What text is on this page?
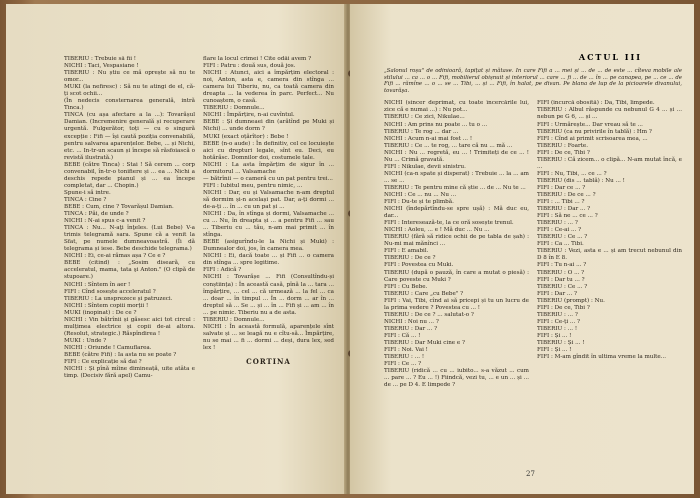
TIBERIU : Trebuie să fii !

NICHI : Taci, Vespasiane !

TIBERIU : Nu știu ce mă oprește să nu te omor...

MUKI (la nefiresc) : Să nu te atingi de el, că-ți scot ochii...

(În nedecis consternarea generală, intră Tinca.)

TINCA (cu așa afectare a la ...): Tovarășul Damian. (Incremenire generală și recuperare urgentă. Fulgerător, toți — cu o singură excepție : Fifi — își caută poziția convenabilă, pentru salvarea aparențelor. Bebe, ... și Nichi, etc. ... In-tr-un scaun și începe să răsfoiască o revistă ilustrată.)

BEBE (către Tinca) : Stai ! Să cerem ... corp convenabil, în-tr-o tonifiere și ... ea ... Nichi a deschis repede pianul și ... ea începe completat, dar ... Chopin.)

Spune-i să intre.

TINCA : Cine ?

BEBE : Cum, cine ? Tovarășul Damian.

TINCA : Păi, de unde ?

NICHI : N-ai spus c-a venit ?

TINCA : Nu... N-aţi înţeles. (Lui Bebe) V-a trimis telegramă sara. Spune că a venit la Sfat, pe numele dumneavoastră. (Îi dă telegrama și iese. Bebe deschide telegrama.)

NICHI : Ei, ce-ai rămas așa ? Ce e ?

BEBE (citind) : „Sosim diseară, cu acceleratul, mama, tata şi Anton." (O clipă de stupoare.)

NICHI : Sîntem în aer !

FIFI : Cînd sosește acceleratul ?

TIBERIU : La unsprezece și patruzeci.

NICHI : Sîntem copiii morții !

MUKI (inopinat) : De ce ?

NICHI : Vin bătrînii și găsesc aici tot circul : mulțimea electrice și copii de-ai altora. (Resolut, strategic.) Răspîndirea !

MUKI : Unde ?

NICHI : Oriunde ! Camuflarea.

BEBE (către Fifi) : Ia asta nu se poate ?

FIFI : Ce explicație să dai ?

NICHI : Și pînă mîine dimineață, uite atâta e timp. (Decisiv fără apel) Camu-

flare la locul crimei ! Cîte odăi avem ?

FIFI : Patru : două sus, două jos.

NICHI : Atunci, aici a împărțim electoral : noi, Anton, asta e, camera din stînga ... camera lui Tiberiu, nu, ca toată camera din dreapta ... la vederea în parc. Perfect... Nu cunoaștem, o casă.

TIBERIU : Domnule...

NICHI : Împărțire, n-ai cuvîntul.

BEBE : Și dumneaei din (arătînd pe Muki și Nichi) ... unde dorm ?

MUKI (exact oțărîtor) : Bebe !

BEBE (n-o aude) : În definitiv, cel ce locuiește aici cu drepturi legale, sînt eu. Deci, eu hotărăsc. Domnilor doi, costumele tale.

NICHI : La asta împărțim de sigur în ... dormitorul ... Valsamache

— bătrînii — o cameră cu un pat pentru trei...

FIFI : Iubitul meu, pentru nimic, ...

NICHI : Dar, eu și Valsamache n-am dreptul să dormim și-n același pat. Dar, a-ți dormi ... de-a-ți ... în ... cu un pat și ...

NICHI : Da, în stînga și dormi, Valsamache ... cu ... Nu, în dreapta și ... a pentru Fifi ... sau ... Tiberiu cu ... tău, n-am mai primit ... în stînga.

BEBE (asigurîndu-le la Nichi și Muki) : Dumnealor doi, jos, în camera mea.

NICHI : Ei, dacă toate ... și Fifi ... o camera din stînga ... spre legitime.

FIFI : Adică ?

NICHI : Tovarășe ... Fifi (Consultîndu-și conștiința) : În această casă, pînă la ... tara ... împărțire, ... cel ... că urmează ... la fel ... ca ... doar ... în timpul ... În ... dorm ... ar în ... dreptul să ... Se ... și ... în ... Fifi și ... am ... în ... pe nimic. Tiberiu nu a de asta.

TIBERIU : Domnule...

NICHI : În această formulă, aparențele sînt salvate și ... se leagă nu e cîtu-să... Împărțire, nu se mai ... fi ... dormi ... deși, dura lex, sed lex !

CORTINA

ACTUL III
„Salonul roșu" de odinioară, tapițat și mătase. In care Fifi a ... mei și ... de ... de este ... cîteva mobile ale stilului ... ca ... o ... Fifi, mobilierul obișnuit și interiorul ... care ... fi ... de ... în ... pe canapea, pe ... ce ... de Fifi ... rămîne ... o ... se ... Tibi, ... și ... Fifi, în halat, pe divan. Pe blana de lup de la picioarele divanului, tovarăşa.

NICHI (sincer deprimat, cu toate încercările lui, zice că e numai ...) : Nu pot...

TIBERIU : Ce zici, Nikulae...

NICHI : Am prins nu poate ... tu o ...

TIBERIU : Te rog ... dar ...

NICHI : Acum n-ai mai fost ... !

TIBERIU : Ce ... te rog, ... tare că nu ... mă ...

NICHI : Nu ... regretă, eu ... ! Trimiteți de ce ... ! Nu ... Crimă gravată.

FIFI : Nikulae, devii sinistru.

NICHI (ca-n spate și disperat) : Trebuie ... la ... am ... se ...

TIBERIU : Te pentru mine că știe ... de ... Nu te ...

NICHI : Ce ... nu ... Nu ...

FIFI : Du-te și te plimbă.

NICHI (îndepărtîndu-se spre ușă) : Mă duc eu, dar...

FIFI : Interesează-te, la ce oră sosește trenul.

NICHI : Aoleu, ... e ! Mă duc ... Nu ...

TIBERIU (fără să ridice ochii de pe tabla de șah) : Nu-mi mai mănînci ...

FIFI : E amabil.

TIBERIU : De ce ?

FIFI : Povestea cu Muki.

TIBERIU (după o pauză, în care a mutat o piesă) : Care poveste cu Muki ?

FIFI : Cu Bebe.

TIBERIU : Care „cu Bebe" ?

FIFI : Vai, Tibi, cînd ai să pricepi și tu un lucru de la prima vedere ? Povestea cu ... !

TIBERIU : De ce ? ... salutat-o ?

NICHI : Noi nu ... ?

TIBERIU : Dar ... ?

FIFI : Că ... !

TIBERIU : Dar Muki cine e ?

FIFI : Noi. Vai !

TIBERIU : ... !

FIFI : Ce ... ?

TIBERIU (ridică ... cu ... iubito... s-a văzut ... cum ... pare ... ? Eu ... !) Fiindcă, vezi tu, ... e un ... și ... de ... pe D 4. E limpede ?

FIFI (încurcă obosită) : Da, Tibi, limpede.

TIBERIU : Albul răspunde cu nebunul G 4 ... și ... nebun pe G 6, ... și ...

FIFI : Urmărește... Dar vreau să te ...

TIBERIU (ca nu privirile în tablă) : Hm ?

FIFI : Cînd ai primit scrisoarea mea, ...

TIBERIU : Foarte.

FIFI : De ce, Tibi ?

TIBERIU : Că zicem... o clipă... N-am mutat încă, e ...

FIFI : Nu, Tibi, ... ce ... ?

TIBERIU (dis ... tablă) : Nu ... !

FIFI : Dar ce ... ?

TIBERIU : De ce ... ?

FIFI : ... Tibi ... ?

TIBERIU : Dar ... ?

FIFI : Să ne ... ce ... ?

TIBERIU : ... ?

FIFI : Ce-ai ... ?

TIBERIU : Ce ... ?

FIFI : Ca ... Tibi.

TIBERIU : Vezi, asta e ... și am trecut nebunul din D 8 în E 8.

FIFI : Tu n-ai ... ?

TIBERIU : O ... ?

FIFI : Dar tu ... ?

TIBERIU : Ce ... ?

FIFI : Dar ... ?

TIBERIU (prompt) : Nu.

FIFI : De ce, Tibi ?

TIBERIU : ... ?

FIFI : Ce-ți ... ?

TIBERIU : ... !

FIFI : Și ... !

TIBERIU : Și ... !

FIFI : Și ... !

FIFI : M-am gîndit în ultima vreme la multe...

27
